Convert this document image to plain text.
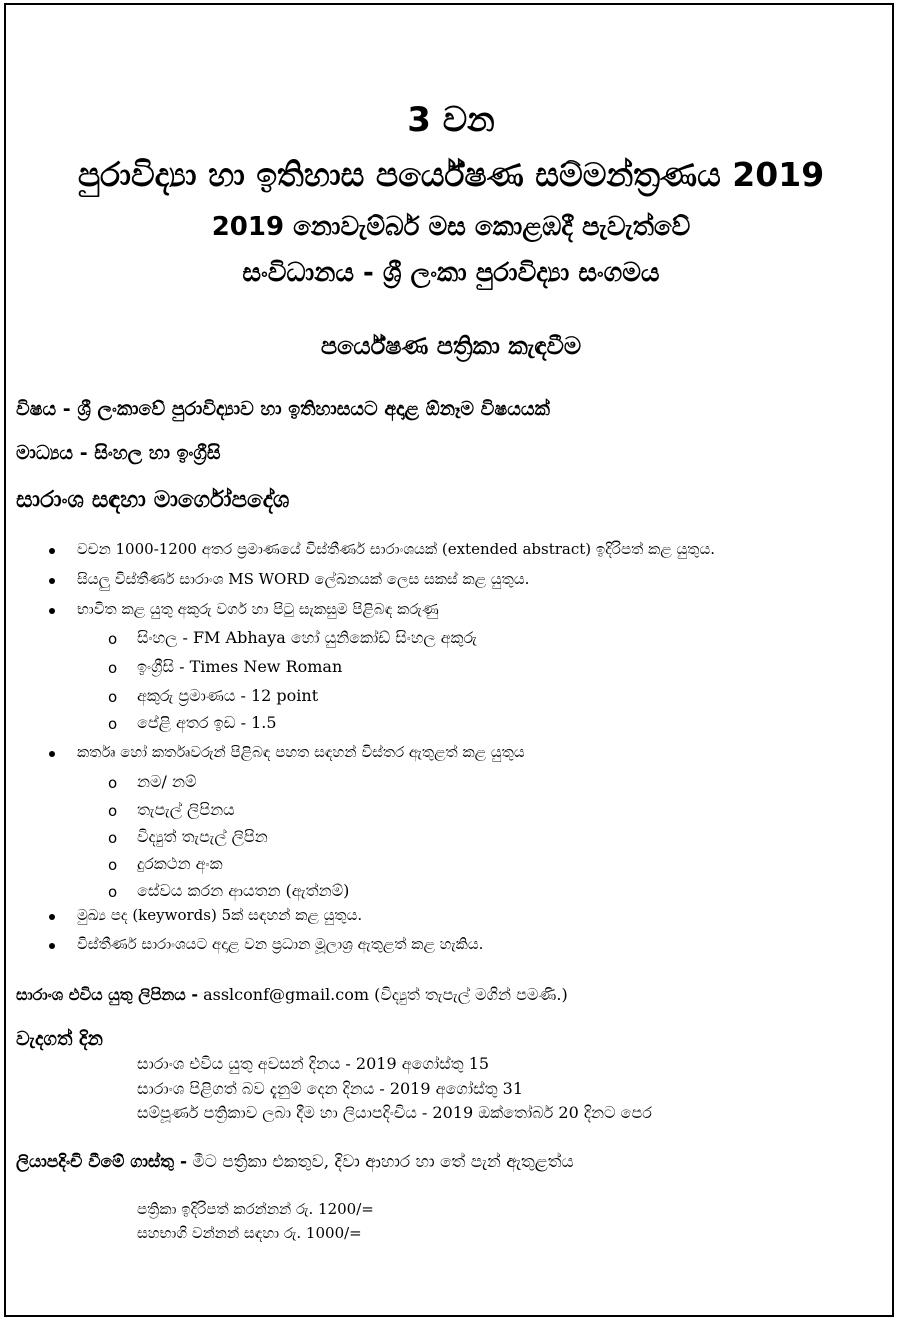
3 වන
පුරාවිද්‍යා හා ඉතිහාස පර්යේෂණ සම්මන්ත්‍රණය 2019
2019 නොවැම්බර් මස කොළඹදී පැවැත්වේ
සංවිධානය - ශ්‍රී ලංකා පුරාවිද්‍යා සංගමය
පර්යේෂණ පත්‍රිකා කැඳවීම
විෂය - ශ්‍රී ලංකාවේ පුරාවිද්‍යාව හා ඉතිහාසයට අදාළ ඕනෑම විෂයයක්
මාධ්‍යය - සිංහල හා ඉංග්‍රීසි
සාරාංශ සඳහා මාර්ගෝපදේශ
වචන 1000-1200 අතර ප්‍රමාණයේ විස්තීර්ණ සාරාංශයක් (extended abstract) ඉදිරිපත් කළ යුතුය.
සියලු විස්තීර්ණ සාරාංශ MS WORD ලේඛනයක් ලෙස සකස් කළ යුතුය.
භාවිත කළ යුතු අකුරු වර්ග හා පිටු සැකසුම පිළිබඳ කරුණු
o සිංහල - FM Abhaya හෝ යුනිකෝඩ් සිංහල අකුරු
o ඉංග්‍රීසි - Times New Roman
o අකුරු ප්‍රමාණය - 12 point
o පේළි අතර ඉඩ - 1.5
කර්තෘ හෝ කර්තෘවරුන් පිළිබඳ පහත සඳහන් විස්තර ඇතුළත් කළ යුතුය
o නම/ නම්
o තැපැල් ලිපිනය
o විද්‍යුත් තැපැල් ලිපින
o දුරකථන අංක
o සේවය කරන ආයතන (ඇත්නම්)
මුඛ්‍ය පද (keywords) 5ක් සඳහන් කළ යුතුය.
විස්තීර්ණ සාරාංශයට අදාළ වන ප්‍රධාන මූලාශ්‍ර ඇතුළත් කළ හැකිය.
සාරාංශ එවිය යුතු ලිපිනය - asslconf@gmail.com (විද්‍යුත් තැපැල් මගින් පමණි.)
වැදගත් දින
සාරාංශ එවිය යුතු අවසන් දිනය - 2019 අගෝස්තු 15
සාරාංශ පිළිගත් බව දැනුම් දෙන දිනය - 2019 අගෝස්තු 31
සම්පූර්ණ පත්‍රිකාව ලබා දීම හා ලියාපදිංචිය - 2019 ඔක්තෝබර් 20 දිනට පෙර
ලියාපදිංචි වීමේ ගාස්තු - මීට පත්‍රිකා එකතුව, දිවා ආහාර හා තේ පැන් ඇතුළත්ය
පත්‍රිකා ඉදිරිපත් කරන්නන් රු. 1200/=
සහභාගි වන්නන් සඳහා රු. 1000/=
